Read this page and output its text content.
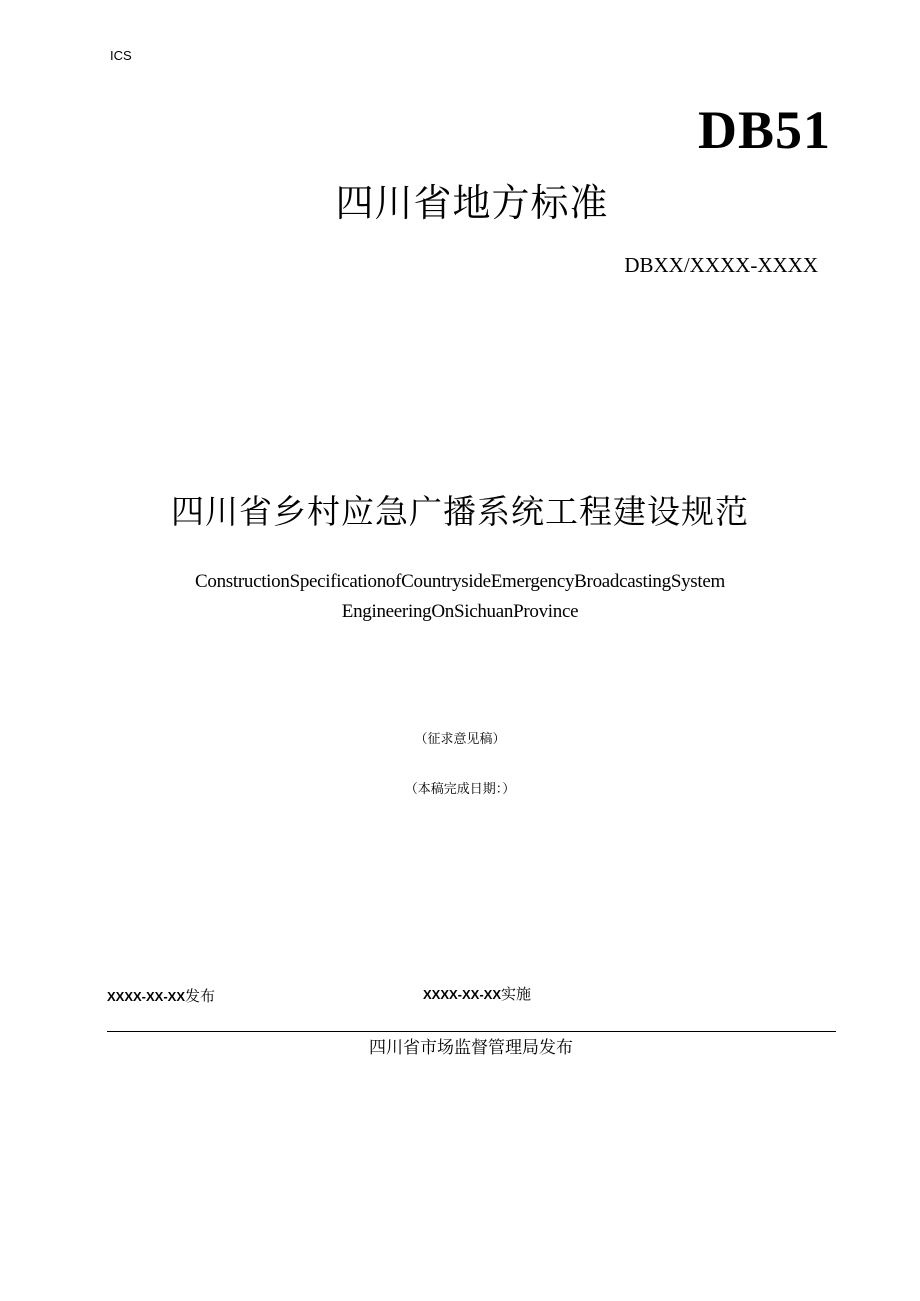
ICS
DB51
四川省地方标准
DBXX/XXXX-XXXX
四川省乡村应急广播系统工程建设规范
ConstructionSpecificationofCountrysideEmergencyBroadcastingSystem
EngineeringOnSichuanProvince
（征求意见稿）
（本稿完成日期：）
XXXX-XX-XX发布	XXXX-XX-XX实施
四川省市场监督管理局发布
